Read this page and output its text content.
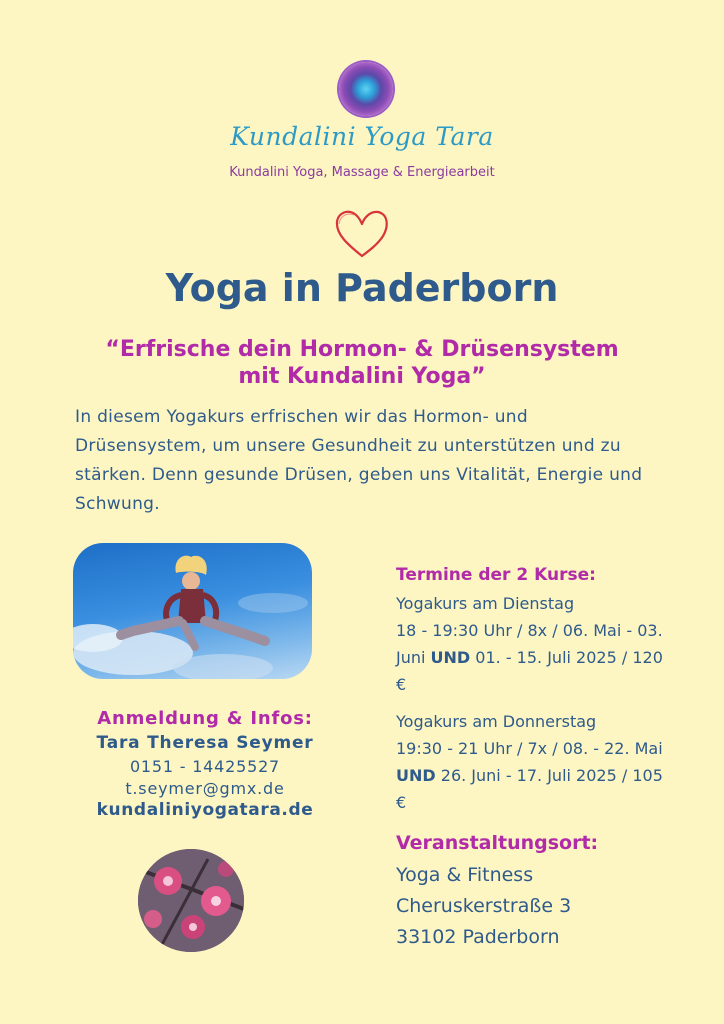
Kundalini Yoga Tara
Kundalini Yoga, Massage & Energiearbeit
Yoga in Paderborn
“Erfrische dein Hormon- & Drüsensystem
mit Kundalini Yoga”
In diesem Yogakurs erfrischen wir das Hormon- und Drüsensystem, um unsere Gesundheit zu unterstützen und zu stärken. Denn gesunde Drüsen, geben uns Vitalität, Energie und Schwung.
Anmeldung & Infos:
Tara Theresa Seymer
0151 - 14425527
t.seymer@gmx.de
kundaliniyogatara.de
Termine der 2 Kurse:
Yogakurs am Dienstag
18 - 19:30 Uhr / 8x / 06. Mai - 03. Juni UND 01. - 15. Juli 2025 / 120 €
Yogakurs am Donnerstag
19:30 - 21 Uhr / 7x / 08. - 22. Mai UND 26. Juni - 17. Juli 2025 / 105 €
Veranstaltungsort:
Yoga & Fitness
Cheruskerstraße 3
33102 Paderborn
